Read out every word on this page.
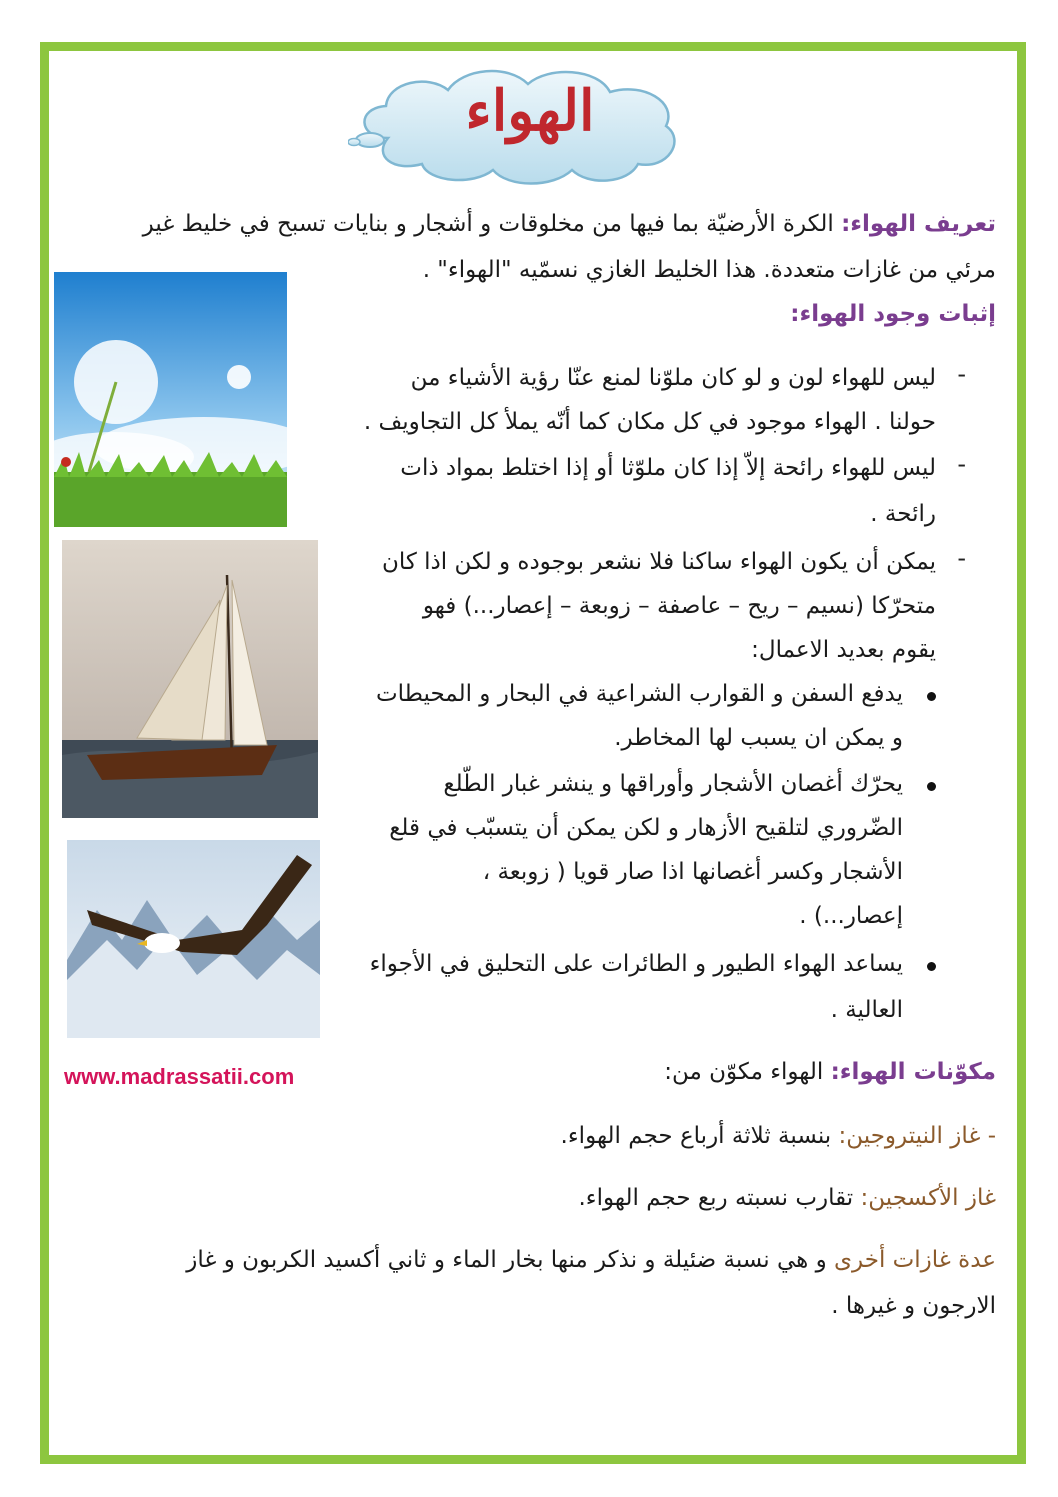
الهواء
تعريف الهواء: الكرة الأرضيّة بما فيها من مخلوقات و أشجار و بنايات تسبح في خليط غير
مرئي من غازات متعددة. هذا الخليط الغازي نسمّيه "الهواء" .
إثبات وجود الهواء:
-
ليس للهواء لون و لو كان ملوّنا لمنع عنّا رؤية الأشياء من
حولنا . الهواء موجود في كل مكان كما أنّه يملأ كل التجاويف .
-
ليس للهواء رائحة إلاّ إذا كان ملوّثا أو إذا اختلط بمواد ذات
رائحة .
-
يمكن أن يكون الهواء ساكنا فلا نشعر بوجوده و لكن اذا كان
متحرّكا (نسيم – ريح – عاصفة – زوبعة – إعصار...) فهو
يقوم بعديد الاعمال:
يدفع السفن و القوارب الشراعية في البحار و المحيطات
و يمكن ان يسبب لها المخاطر.
يحرّك أغصان الأشجار وأوراقها و ينشر غبار الطّلع
الضّروري لتلقيح الأزهار و لكن يمكن أن يتسبّب في قلع
الأشجار وكسر أغصانها اذا صار قويا ( زوبعة ،
إعصار...) .
يساعد الهواء الطيور و الطائرات على التحليق في الأجواء
العالية .
www.madrassatii.com	مكوّنات الهواء: الهواء مكوّن من:
- غاز النيتروجين: بنسبة ثلاثة أرباع حجم الهواء.
غاز الأكسجين: تقارب نسبته ربع حجم الهواء.
عدة غازات أخرى و هي نسبة ضئيلة و نذكر منها بخار الماء و ثاني أكسيد الكربون و غاز
الارجون و غيرها .
